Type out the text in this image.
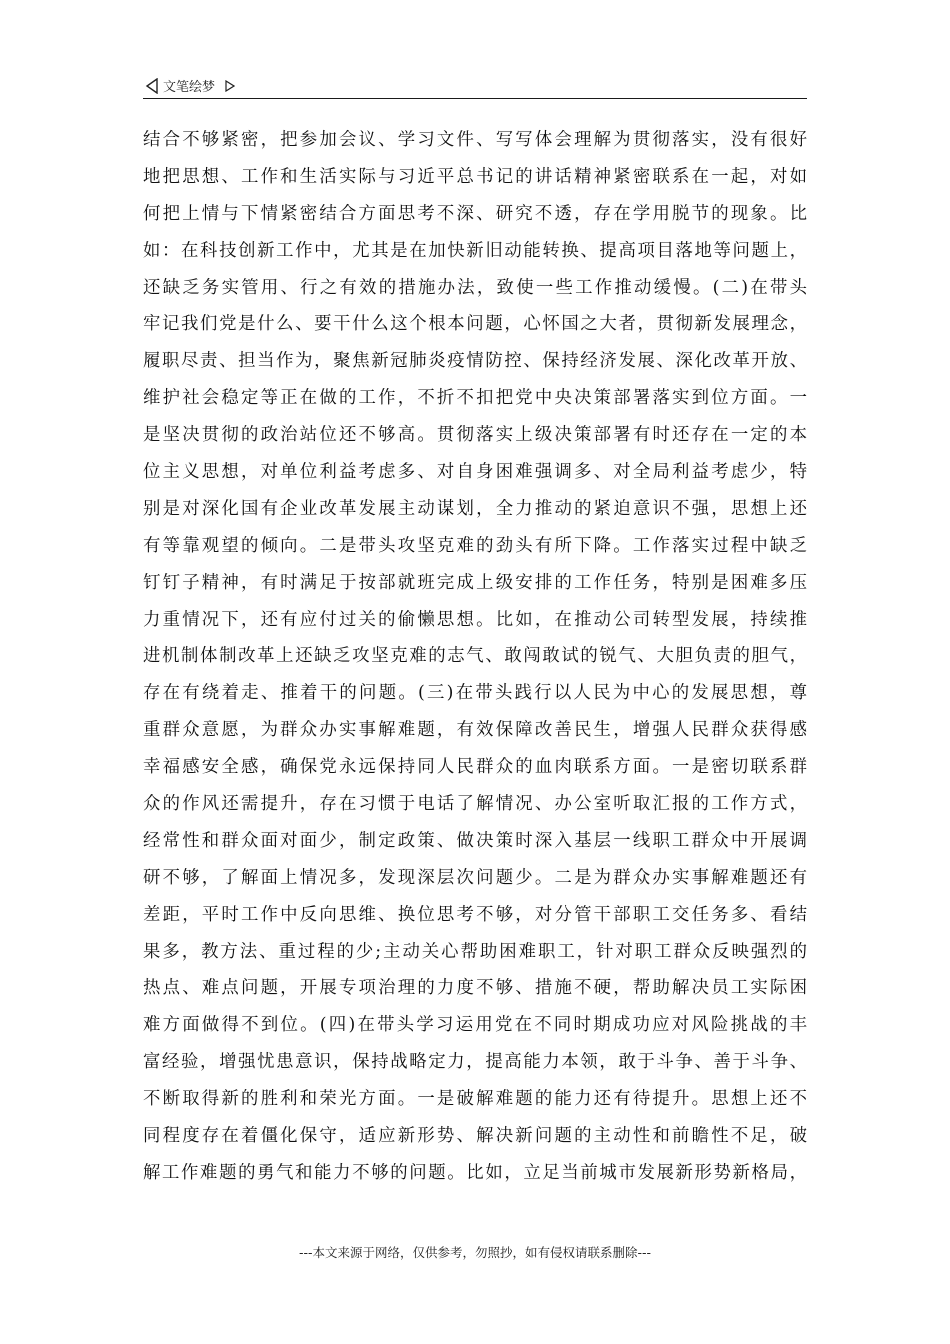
文笔绘梦
结合不够紧密，把参加会议、学习文件、写写体会理解为贯彻落实，没有很好
地把思想、工作和生活实际与习近平总书记的讲话精神紧密联系在一起，对如
何把上情与下情紧密结合方面思考不深、研究不透，存在学用脱节的现象。比
如：在科技创新工作中，尤其是在加快新旧动能转换、提高项目落地等问题上，
还缺乏务实管用、行之有效的措施办法，致使一些工作推动缓慢。(二)在带头
牢记我们党是什么、要干什么这个根本问题，心怀国之大者，贯彻新发展理念，
履职尽责、担当作为，聚焦新冠肺炎疫情防控、保持经济发展、深化改革开放、
维护社会稳定等正在做的工作，不折不扣把党中央决策部署落实到位方面。一
是坚决贯彻的政治站位还不够高。贯彻落实上级决策部署有时还存在一定的本
位主义思想，对单位利益考虑多、对自身困难强调多、对全局利益考虑少，特
别是对深化国有企业改革发展主动谋划，全力推动的紧迫意识不强，思想上还
有等靠观望的倾向。二是带头攻坚克难的劲头有所下降。工作落实过程中缺乏
钉钉子精神，有时满足于按部就班完成上级安排的工作任务，特别是困难多压
力重情况下，还有应付过关的偷懒思想。比如，在推动公司转型发展，持续推
进机制体制改革上还缺乏攻坚克难的志气、敢闯敢试的锐气、大胆负责的胆气，
存在有绕着走、推着干的问题。(三)在带头践行以人民为中心的发展思想，尊
重群众意愿，为群众办实事解难题，有效保障改善民生，增强人民群众获得感
幸福感安全感，确保党永远保持同人民群众的血肉联系方面。一是密切联系群
众的作风还需提升，存在习惯于电话了解情况、办公室听取汇报的工作方式，
经常性和群众面对面少，制定政策、做决策时深入基层一线职工群众中开展调
研不够，了解面上情况多，发现深层次问题少。二是为群众办实事解难题还有
差距，平时工作中反向思维、换位思考不够，对分管干部职工交任务多、看结
果多，教方法、重过程的少;主动关心帮助困难职工，针对职工群众反映强烈的
热点、难点问题，开展专项治理的力度不够、措施不硬，帮助解决员工实际困
难方面做得不到位。(四)在带头学习运用党在不同时期成功应对风险挑战的丰
富经验，增强忧患意识，保持战略定力，提高能力本领，敢于斗争、善于斗争、
不断取得新的胜利和荣光方面。一是破解难题的能力还有待提升。思想上还不
同程度存在着僵化保守，适应新形势、解决新问题的主动性和前瞻性不足，破
解工作难题的勇气和能力不够的问题。比如，立足当前城市发展新形势新格局，
---本文来源于网络，仅供参考，勿照抄，如有侵权请联系删除---
